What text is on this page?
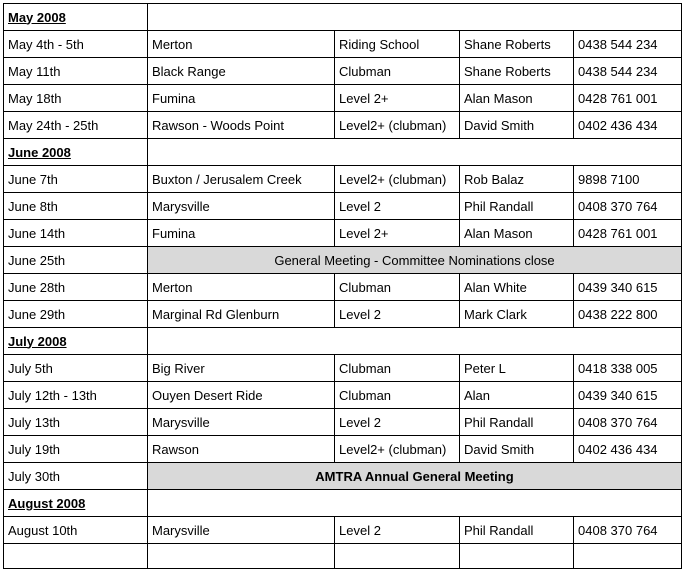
May 2008				
May 4th - 5th	Merton	Riding School	Shane Roberts	0438 544 234
May 11th	Black Range	Clubman	Shane Roberts	0438 544 234
May 18th	Fumina	Level 2+	Alan Mason	0428 761 001
May 24th - 25th	Rawson - Woods Point	Level2+ (clubman)	David Smith	0402 436 434
June 2008				
June 7th	Buxton / Jerusalem Creek	Level2+ (clubman)	Rob Balaz	9898 7100
June 8th	Marysville	Level 2	Phil Randall	0408 370 764
June 14th	Fumina	Level 2+	Alan Mason	0428 761 001
June 25th	General Meeting - Committee Nominations close			
June 28th	Merton	Clubman	Alan White	0439 340 615
June 29th	Marginal Rd Glenburn	Level 2	Mark Clark	0438 222 800
July 2008				
July 5th	Big River	Clubman	Peter L	0418 338 005
July 12th - 13th	Ouyen Desert Ride	Clubman	Alan	0439 340 615
July 13th	Marysville	Level 2	Phil Randall	0408 370 764
July 19th	Rawson	Level2+ (clubman)	David Smith	0402 436 434
July 30th	AMTRA Annual General Meeting			
August 2008				
August 10th	Marysville	Level 2	Phil Randall	0408 370 764
